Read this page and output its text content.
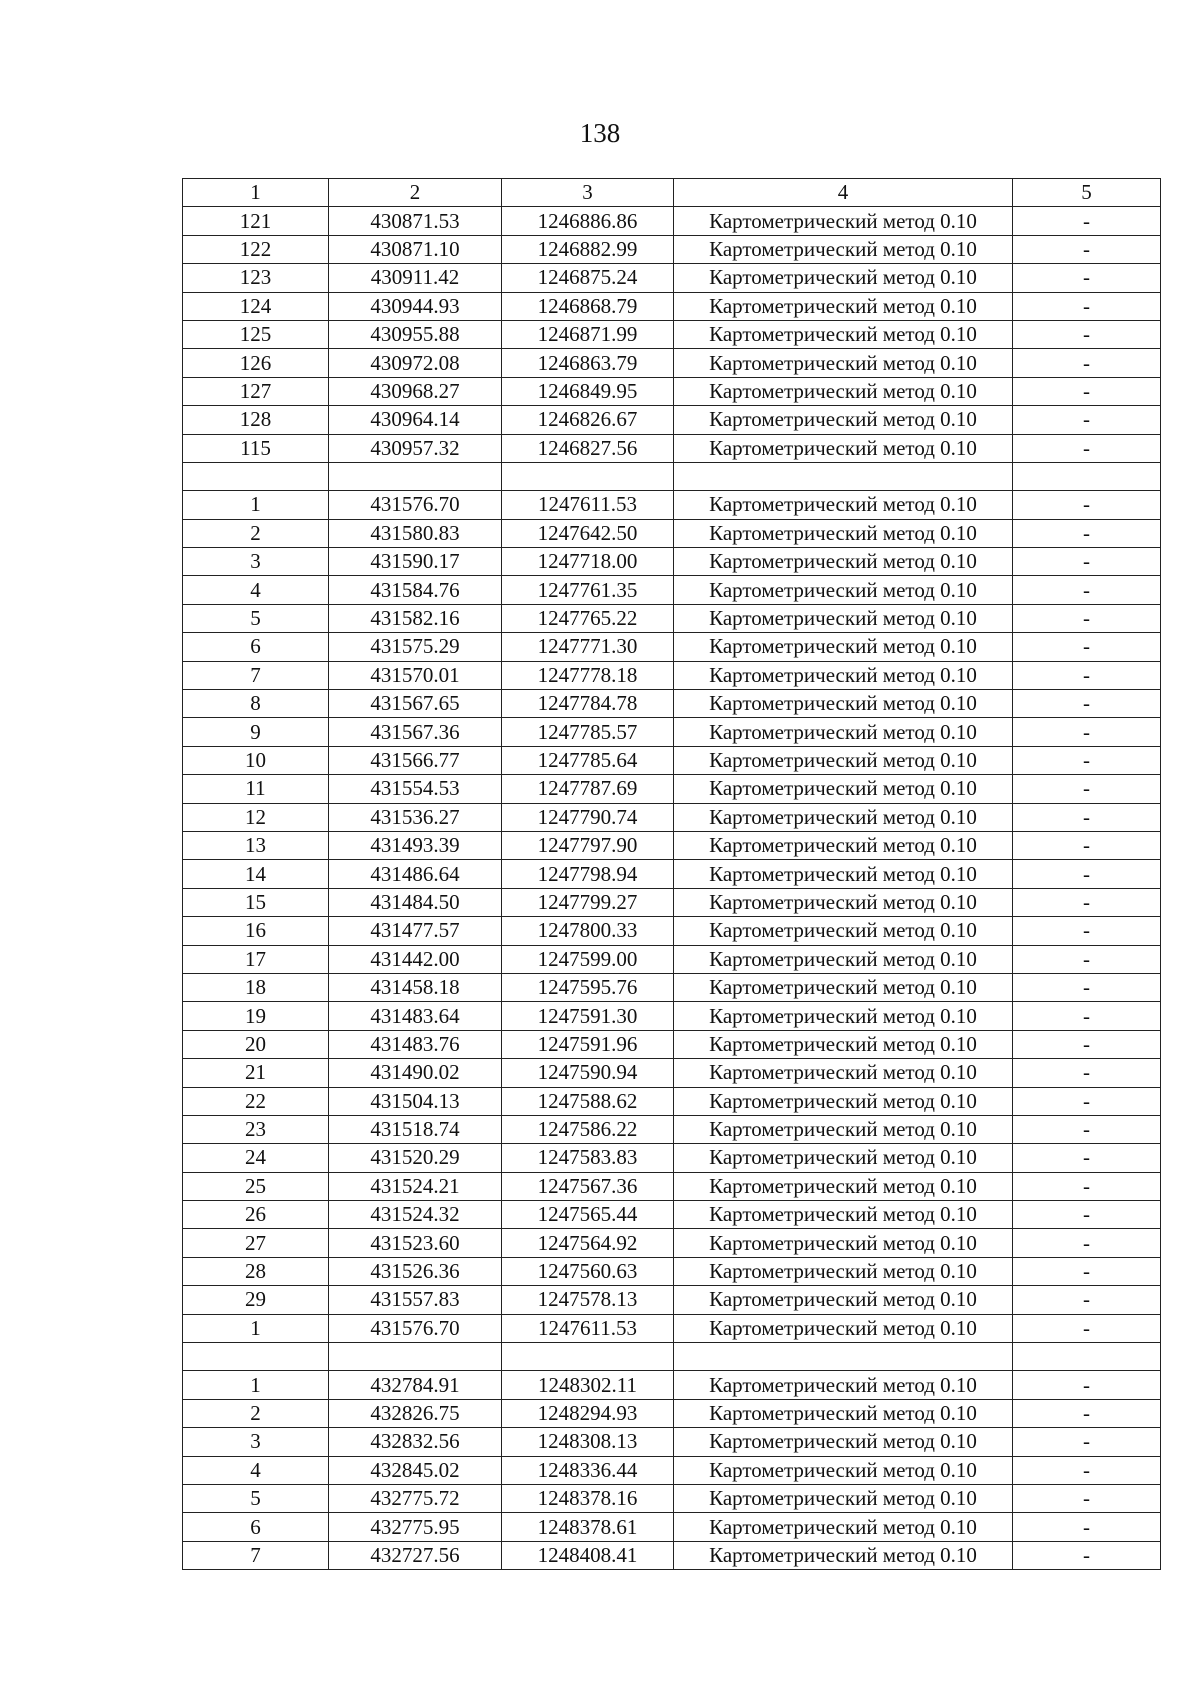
138
1	2	3	4	5
121	430871.53	1246886.86	Картометрический метод 0.10	-
122	430871.10	1246882.99	Картометрический метод 0.10	-
123	430911.42	1246875.24	Картометрический метод 0.10	-
124	430944.93	1246868.79	Картометрический метод 0.10	-
125	430955.88	1246871.99	Картометрический метод 0.10	-
126	430972.08	1246863.79	Картометрический метод 0.10	-
127	430968.27	1246849.95	Картометрический метод 0.10	-
128	430964.14	1246826.67	Картометрический метод 0.10	-
115	430957.32	1246827.56	Картометрический метод 0.10	-

1	431576.70	1247611.53	Картометрический метод 0.10	-
2	431580.83	1247642.50	Картометрический метод 0.10	-
3	431590.17	1247718.00	Картометрический метод 0.10	-
4	431584.76	1247761.35	Картометрический метод 0.10	-
5	431582.16	1247765.22	Картометрический метод 0.10	-
6	431575.29	1247771.30	Картометрический метод 0.10	-
7	431570.01	1247778.18	Картометрический метод 0.10	-
8	431567.65	1247784.78	Картометрический метод 0.10	-
9	431567.36	1247785.57	Картометрический метод 0.10	-
10	431566.77	1247785.64	Картометрический метод 0.10	-
11	431554.53	1247787.69	Картометрический метод 0.10	-
12	431536.27	1247790.74	Картометрический метод 0.10	-
13	431493.39	1247797.90	Картометрический метод 0.10	-
14	431486.64	1247798.94	Картометрический метод 0.10	-
15	431484.50	1247799.27	Картометрический метод 0.10	-
16	431477.57	1247800.33	Картометрический метод 0.10	-
17	431442.00	1247599.00	Картометрический метод 0.10	-
18	431458.18	1247595.76	Картометрический метод 0.10	-
19	431483.64	1247591.30	Картометрический метод 0.10	-
20	431483.76	1247591.96	Картометрический метод 0.10	-
21	431490.02	1247590.94	Картометрический метод 0.10	-
22	431504.13	1247588.62	Картометрический метод 0.10	-
23	431518.74	1247586.22	Картометрический метод 0.10	-
24	431520.29	1247583.83	Картометрический метод 0.10	-
25	431524.21	1247567.36	Картометрический метод 0.10	-
26	431524.32	1247565.44	Картометрический метод 0.10	-
27	431523.60	1247564.92	Картометрический метод 0.10	-
28	431526.36	1247560.63	Картометрический метод 0.10	-
29	431557.83	1247578.13	Картометрический метод 0.10	-
1	431576.70	1247611.53	Картометрический метод 0.10	-

1	432784.91	1248302.11	Картометрический метод 0.10	-
2	432826.75	1248294.93	Картометрический метод 0.10	-
3	432832.56	1248308.13	Картометрический метод 0.10	-
4	432845.02	1248336.44	Картометрический метод 0.10	-
5	432775.72	1248378.16	Картометрический метод 0.10	-
6	432775.95	1248378.61	Картометрический метод 0.10	-
7	432727.56	1248408.41	Картометрический метод 0.10	-
